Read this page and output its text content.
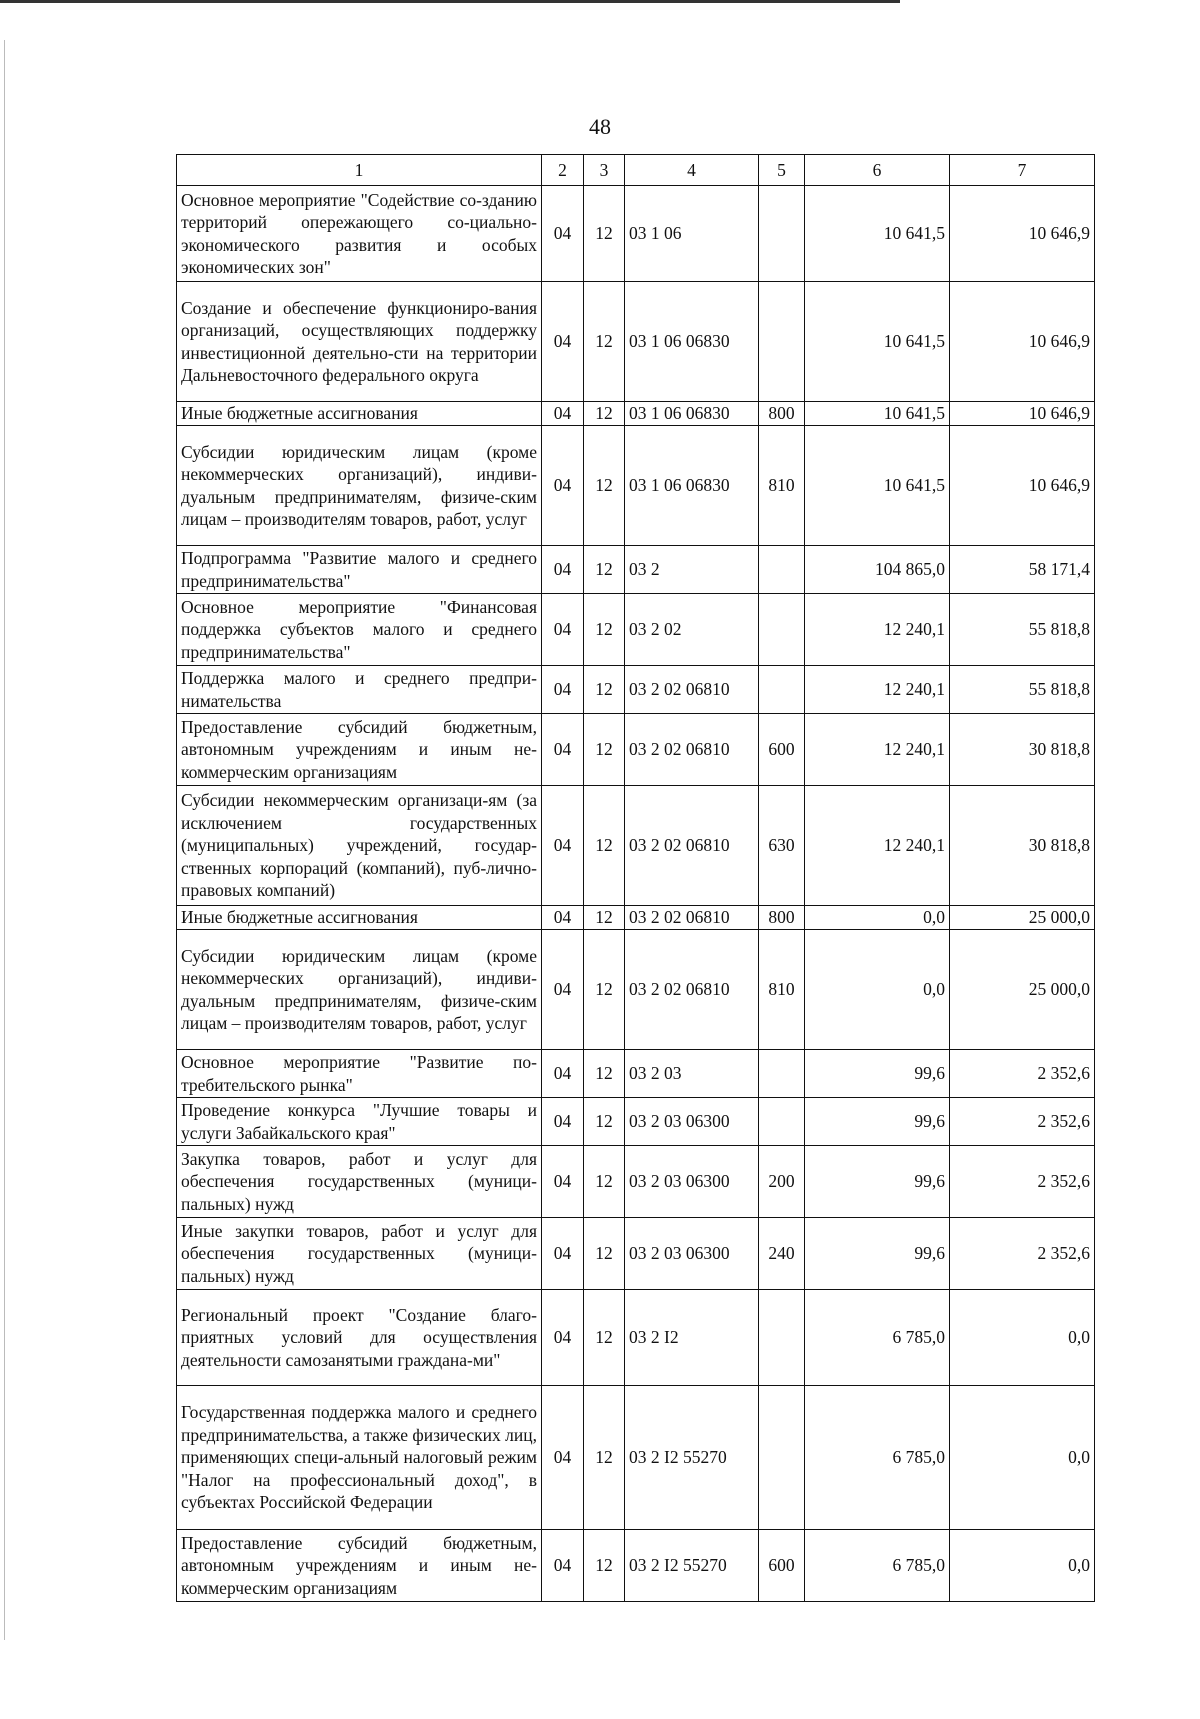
48
1	2	3	4	5	6	7
Основное мероприятие "Содействие со-зданию территорий опережающего со-циально-экономического развития и особых экономических зон"	04	12	03 1 06		10 641,5	10 646,9
Создание и обеспечение функциониро-вания организаций, осуществляющих поддержку инвестиционной деятельно-сти на территории Дальневосточного федерального округа	04	12	03 1 06 06830		10 641,5	10 646,9
Иные бюджетные ассигнования	04	12	03 1 06 06830	800	10 641,5	10 646,9
Субсидии юридическим лицам (кроме некоммерческих организаций), индиви-дуальным предпринимателям, физиче-ским лицам – производителям товаров, работ, услуг	04	12	03 1 06 06830	810	10 641,5	10 646,9
Подпрограмма "Развитие малого и среднего предпринимательства"	04	12	03 2		104 865,0	58 171,4
Основное мероприятие "Финансовая поддержка субъектов малого и среднего предпринимательства"	04	12	03 2 02		12 240,1	55 818,8
Поддержка малого и среднего предпри-нимательства	04	12	03 2 02 06810		12 240,1	55 818,8
Предоставление субсидий бюджетным, автономным учреждениям и иным не-коммерческим организациям	04	12	03 2 02 06810	600	12 240,1	30 818,8
Субсидии некоммерческим организаци-ям (за исключением государственных (муниципальных) учреждений, государ-ственных корпораций (компаний), пуб-лично-правовых компаний)	04	12	03 2 02 06810	630	12 240,1	30 818,8
Иные бюджетные ассигнования	04	12	03 2 02 06810	800	0,0	25 000,0
Субсидии юридическим лицам (кроме некоммерческих организаций), индиви-дуальным предпринимателям, физиче-ским лицам – производителям товаров, работ, услуг	04	12	03 2 02 06810	810	0,0	25 000,0
Основное мероприятие "Развитие по-требительского рынка"	04	12	03 2 03		99,6	2 352,6
Проведение конкурса "Лучшие товары и услуги Забайкальского края"	04	12	03 2 03 06300		99,6	2 352,6
Закупка товаров, работ и услуг для обеспечения государственных (муници-пальных) нужд	04	12	03 2 03 06300	200	99,6	2 352,6
Иные закупки товаров, работ и услуг для обеспечения государственных (муници-пальных) нужд	04	12	03 2 03 06300	240	99,6	2 352,6
Региональный проект "Создание благо-приятных условий для осуществления деятельности самозанятыми граждана-ми"	04	12	03 2 I2		6 785,0	0,0
Государственная поддержка малого и среднего предпринимательства, а также физических лиц, применяющих специ-альный налоговый режим "Налог на профессиональный доход", в субъектах Российской Федерации	04	12	03 2 I2 55270		6 785,0	0,0
Предоставление субсидий бюджетным, автономным учреждениям и иным не-коммерческим организациям	04	12	03 2 I2 55270	600	6 785,0	0,0
